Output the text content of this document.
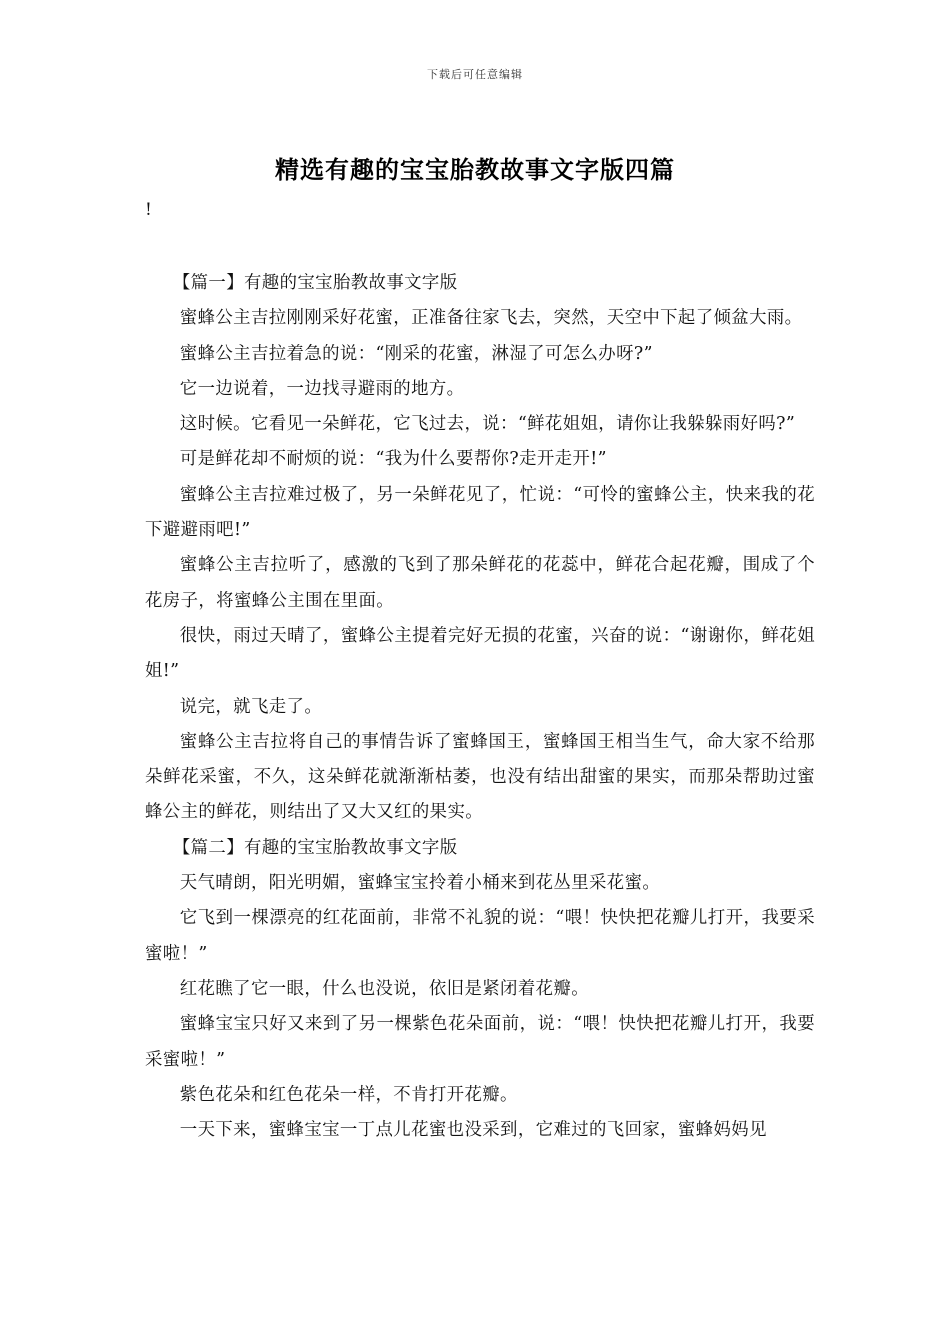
下载后可任意编辑
精选有趣的宝宝胎教故事文字版四篇
!

【篇一】有趣的宝宝胎教故事文字版

蜜蜂公主吉拉刚刚采好花蜜，正准备往家飞去，突然，天空中下起了倾盆大雨。

蜜蜂公主吉拉着急的说：“刚采的花蜜，淋湿了可怎么办呀?”

它一边说着，一边找寻避雨的地方。

这时候。它看见一朵鲜花，它飞过去，说：“鲜花姐姐，请你让我躲躲雨好吗?”

可是鲜花却不耐烦的说：“我为什么要帮你?走开走开!”

蜜蜂公主吉拉难过极了，另一朵鲜花见了，忙说：“可怜的蜜蜂公主，快来我的花下避避雨吧!”

蜜蜂公主吉拉听了，感激的飞到了那朵鲜花的花蕊中，鲜花合起花瓣，围成了个花房子，将蜜蜂公主围在里面。

很快，雨过天晴了，蜜蜂公主提着完好无损的花蜜，兴奋的说：“谢谢你，鲜花姐姐!”

说完，就飞走了。

蜜蜂公主吉拉将自己的事情告诉了蜜蜂国王，蜜蜂国王相当生气，命大家不给那朵鲜花采蜜，不久，这朵鲜花就渐渐枯萎，也没有结出甜蜜的果实，而那朵帮助过蜜蜂公主的鲜花，则结出了又大又红的果实。

【篇二】有趣的宝宝胎教故事文字版

天气晴朗，阳光明媚，蜜蜂宝宝拎着小桶来到花丛里采花蜜。

它飞到一棵漂亮的红花面前，非常不礼貌的说：“喂！快快把花瓣儿打开，我要采蜜啦！”

红花瞧了它一眼，什么也没说，依旧是紧闭着花瓣。

蜜蜂宝宝只好又来到了另一棵紫色花朵面前，说：“喂！快快把花瓣儿打开，我要采蜜啦！”

紫色花朵和红色花朵一样，不肯打开花瓣。

一天下来，蜜蜂宝宝一丁点儿花蜜也没采到，它难过的飞回家，蜜蜂妈妈见
